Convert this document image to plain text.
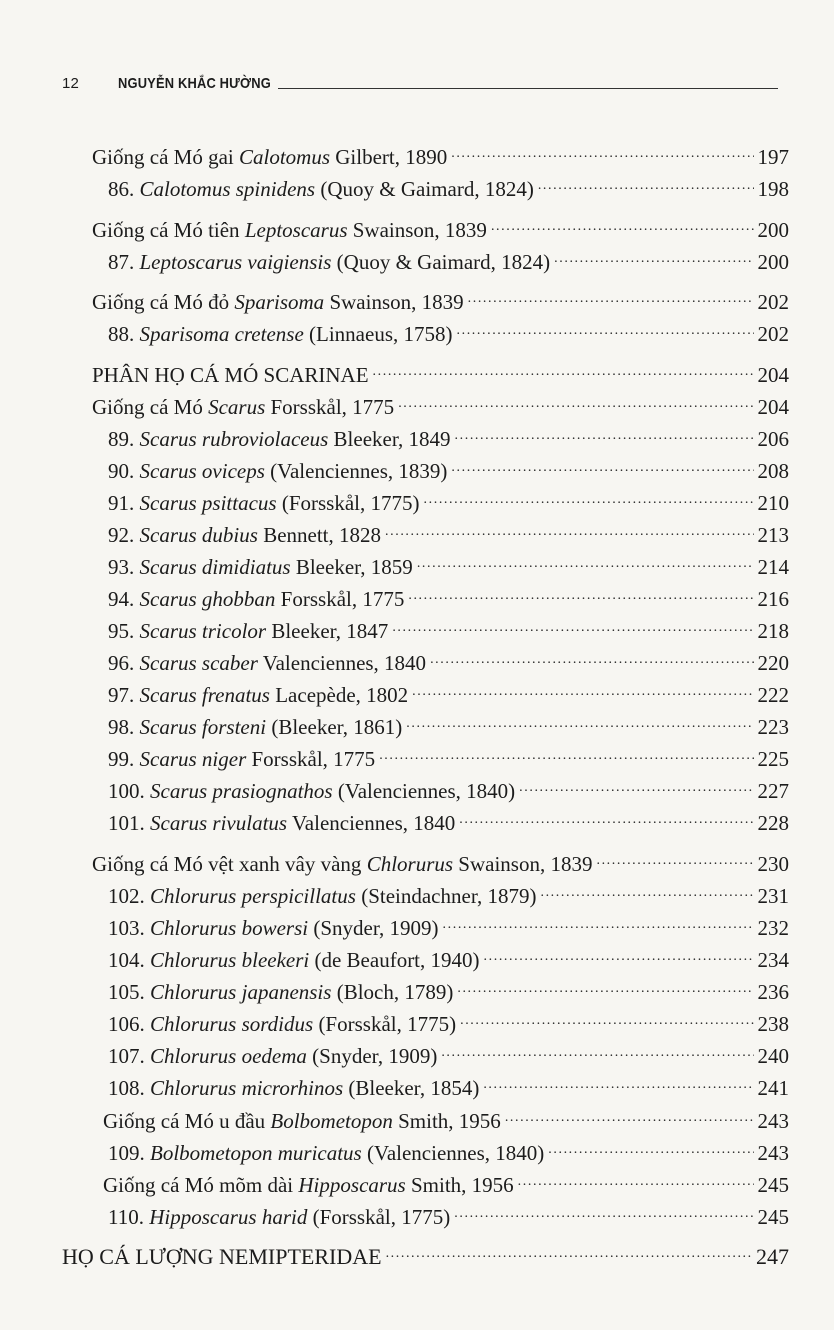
12	NGUYỄN KHẮC HƯỜNG
Giống cá Mó gai Calotomus Gilbert, 1890 .....	197
86. Calotomus spinidens (Quoy & Gaimard, 1824) .....	198
Giống cá Mó tiên Leptoscarus Swainson, 1839 .....	200
87. Leptoscarus vaigiensis (Quoy & Gaimard, 1824) .....	200
Giống cá Mó đỏ Sparisoma Swainson, 1839 .....	202
88. Sparisoma cretense (Linnaeus, 1758) .....	202
PHÂN HỌ CÁ MÓ SCARINAE .....	204
Giống cá Mó Scarus Forsskål, 1775 .....	204
89. Scarus rubroviolaceus Bleeker, 1849 .....	206
90. Scarus oviceps (Valenciennes, 1839) .....	208
91. Scarus psittacus (Forsskål, 1775) .....	210
92. Scarus dubius Bennett, 1828 .....	213
93. Scarus dimidiatus Bleeker, 1859 .....	214
94. Scarus ghobban Forsskål, 1775 .....	216
95. Scarus tricolor Bleeker, 1847 .....	218
96. Scarus scaber Valenciennes, 1840 .....	220
97. Scarus frenatus Lacepède, 1802 .....	222
98. Scarus forsteni (Bleeker, 1861) .....	223
99. Scarus niger Forsskål, 1775 .....	225
100. Scarus prasiognathos (Valenciennes, 1840) .....	227
101. Scarus rivulatus Valenciennes, 1840 .....	228
Giống cá Mó vệt xanh vây vàng Chlorurus Swainson, 1839 .....	230
102. Chlorurus perspicillatus (Steindachner, 1879) .....	231
103. Chlorurus bowersi (Snyder, 1909) .....	232
104. Chlorurus bleekeri (de Beaufort, 1940) .....	234
105. Chlorurus japanensis (Bloch, 1789) .....	236
106. Chlorurus sordidus (Forsskål, 1775) .....	238
107. Chlorurus oedema (Snyder, 1909) .....	240
108. Chlorurus microrhinos (Bleeker, 1854) .....	241
Giống cá Mó u đầu Bolbometopon Smith, 1956 .....	243
109. Bolbometopon muricatus (Valenciennes, 1840) .....	243
Giống cá Mó mõm dài Hipposcarus Smith, 1956 .....	245
110. Hipposcarus harid (Forsskål, 1775) .....	245
HỌ CÁ LƯỢNG NEMIPTERIDAE .....	247
